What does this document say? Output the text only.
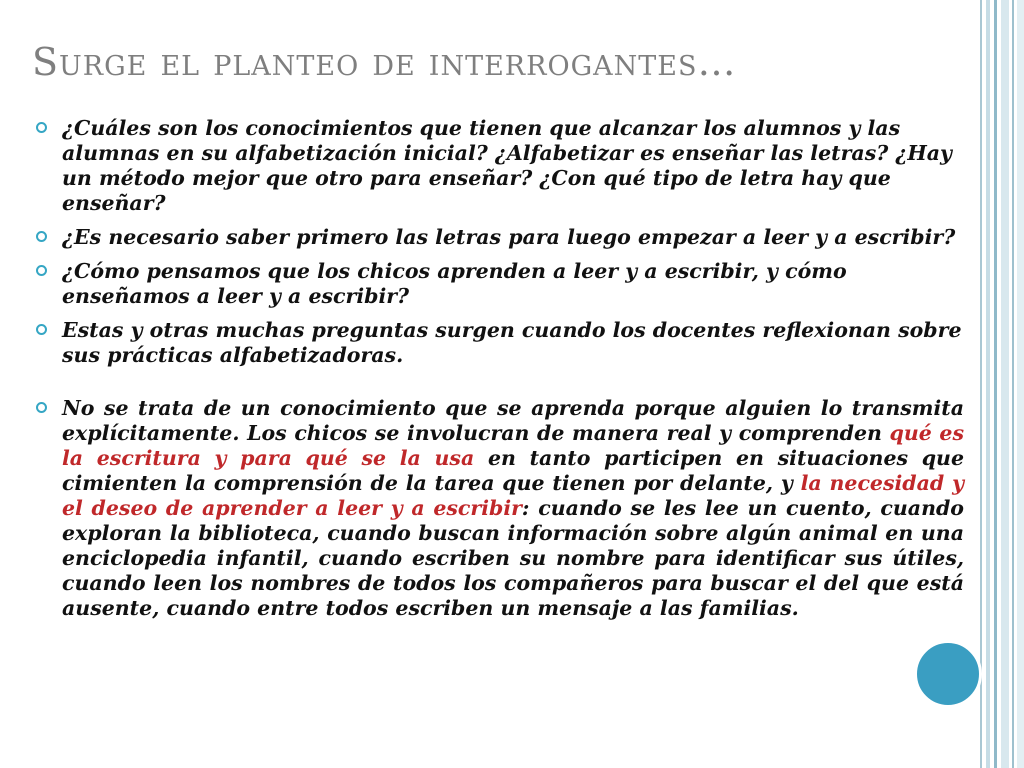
Surge el planteo de interrogantes…
¿Cuáles son los conocimientos que tienen que alcanzar los alumnos y las alumnas en su alfabetización inicial? ¿Alfabetizar es enseñar las letras? ¿Hay un método mejor que otro para enseñar? ¿Con qué tipo de letra hay que enseñar?
¿Es necesario saber primero las letras para luego empezar a leer y a escribir?
¿Cómo pensamos que los chicos aprenden a leer y a escribir, y cómo enseñamos a leer y a escribir?
Estas y otras muchas preguntas surgen cuando los docentes reflexionan sobre sus prácticas alfabetizadoras.
No se trata de un conocimiento que se aprenda porque alguien lo transmita explícitamente. Los chicos se involucran de manera real y comprenden qué es la escritura y para qué se la usa en tanto participen en situaciones que cimienten la comprensión de la tarea que tienen por delante, y la necesidad y el deseo de aprender a leer y a escribir: cuando se les lee un cuento, cuando exploran la biblioteca, cuando buscan información sobre algún animal en una enciclopedia infantil, cuando escriben su nombre para identificar sus útiles, cuando leen los nombres de todos los compañeros para buscar el del que está ausente, cuando entre todos escriben un mensaje a las familias.
